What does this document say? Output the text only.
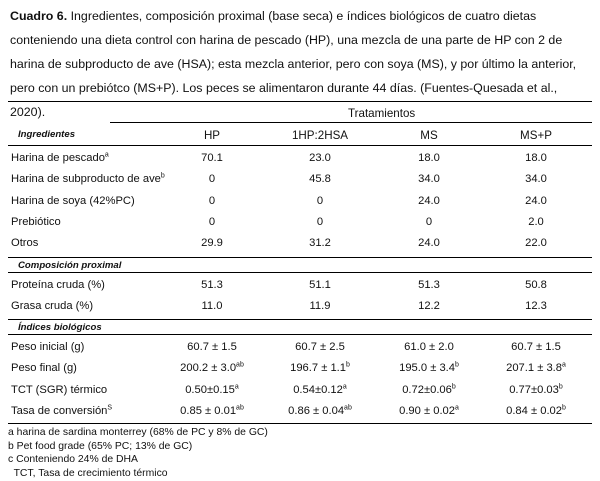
Cuadro 6. Ingredientes, composición proximal (base seca) e índices biológicos de cuatro dietas conteniendo una dieta control con harina de pescado (HP), una mezcla de una parte de HP con 2 de harina de subproducto de ave (HSA); esta mezcla anterior, pero con soya (MS), y por último la anterior, pero con un prebiótco (MS+P). Los peces se alimentaron durante 44 días. (Fuentes-Quesada et al., 2020).	Tratamientos
Ingredientes	HP	1HP:2HSA	MS	MS+P
Harina de pescado$^a$	70.1	23.0	18.0	18.0
Harina de subproducto de ave$^b$	0	45.8	34.0	34.0
Harina de soya (42%PC)	0	0	24.0	24.0
Prebiótico	0	0	0	2.0
Otros	29.9	31.2	24.0	22.0
Composición proximal
Proteína cruda (%)	51.3	51.1	51.3	50.8
Grasa cruda (%)	11.0	11.9	12.2	12.3
Índices biológicos
Peso inicial (g)	60.7 ± 1.5	60.7 ± 2.5	61.0 ± 2.0	60.7 ± 1.5
Peso final (g)	200.2 ± 3.0$^{ab}$	196.7 ± 1.1$^b$	195.0 ± 3.4$^b$	207.1 ± 3.8$^a$
TCT (SGR) térmico	0.50±0.15$^a$	0.54±0.12$^a$	0.72±0.06$^b$	0.77±0.03$^b$
Tasa de conversión$^S$	0.85 ± 0.01$^{ab}$	0.86 ± 0.04$^{ab}$	0.90 ± 0.02$^a$	0.84 ± 0.02$^b$
a harina de sardina monterrey (68% de PC y 8% de GC)
b Pet food grade (65% PC; 13% de GC)
c Conteniendo 24% de DHA
TCT, Tasa de crecimiento térmico
